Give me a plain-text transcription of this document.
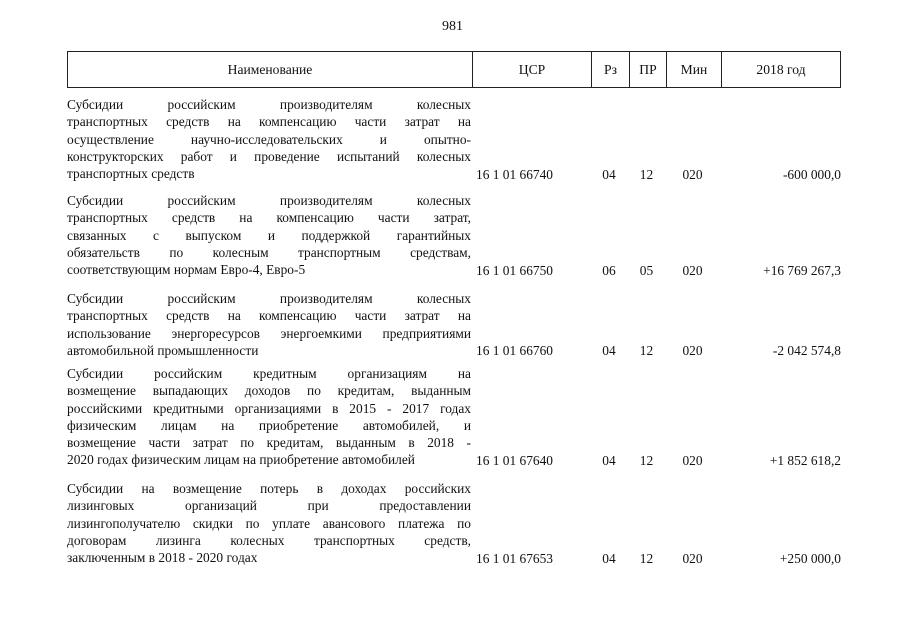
981
Наименование	ЦСР	Рз	ПР	Мин	2018 год
Субсидии российским производителям колесных
транспортных средств на компенсацию части затрат на
осуществление научно-исследовательских и опытно-
конструкторских работ и проведение испытаний колесных
транспортных средств	16 1 01 66740	04	12	020	-600 000,0
Субсидии российским производителям колесных
транспортных средств на компенсацию части затрат,
связанных с выпуском и поддержкой гарантийных
обязательств по колесным транспортным средствам,
соответствующим нормам Евро-4, Евро-5	16 1 01 66750	06	05	020	+16 769 267,3
Субсидии российским производителям колесных
транспортных средств на компенсацию части затрат на
использование энергоресурсов энергоемкими предприятиями
автомобильной промышленности	16 1 01 66760	04	12	020	-2 042 574,8
Субсидии российским кредитным организациям на
возмещение выпадающих доходов по кредитам, выданным
российскими кредитными организациями в 2015 - 2017 годах
физическим лицам на приобретение автомобилей, и
возмещение части затрат по кредитам, выданным в 2018 -
2020 годах физическим лицам на приобретение автомобилей	16 1 01 67640	04	12	020	+1 852 618,2
Субсидии на возмещение потерь в доходах российских
лизинговых организаций при предоставлении
лизингополучателю скидки по уплате авансового платежа по
договорам лизинга колесных транспортных средств,
заключенным в 2018 - 2020 годах	16 1 01 67653	04	12	020	+250 000,0
